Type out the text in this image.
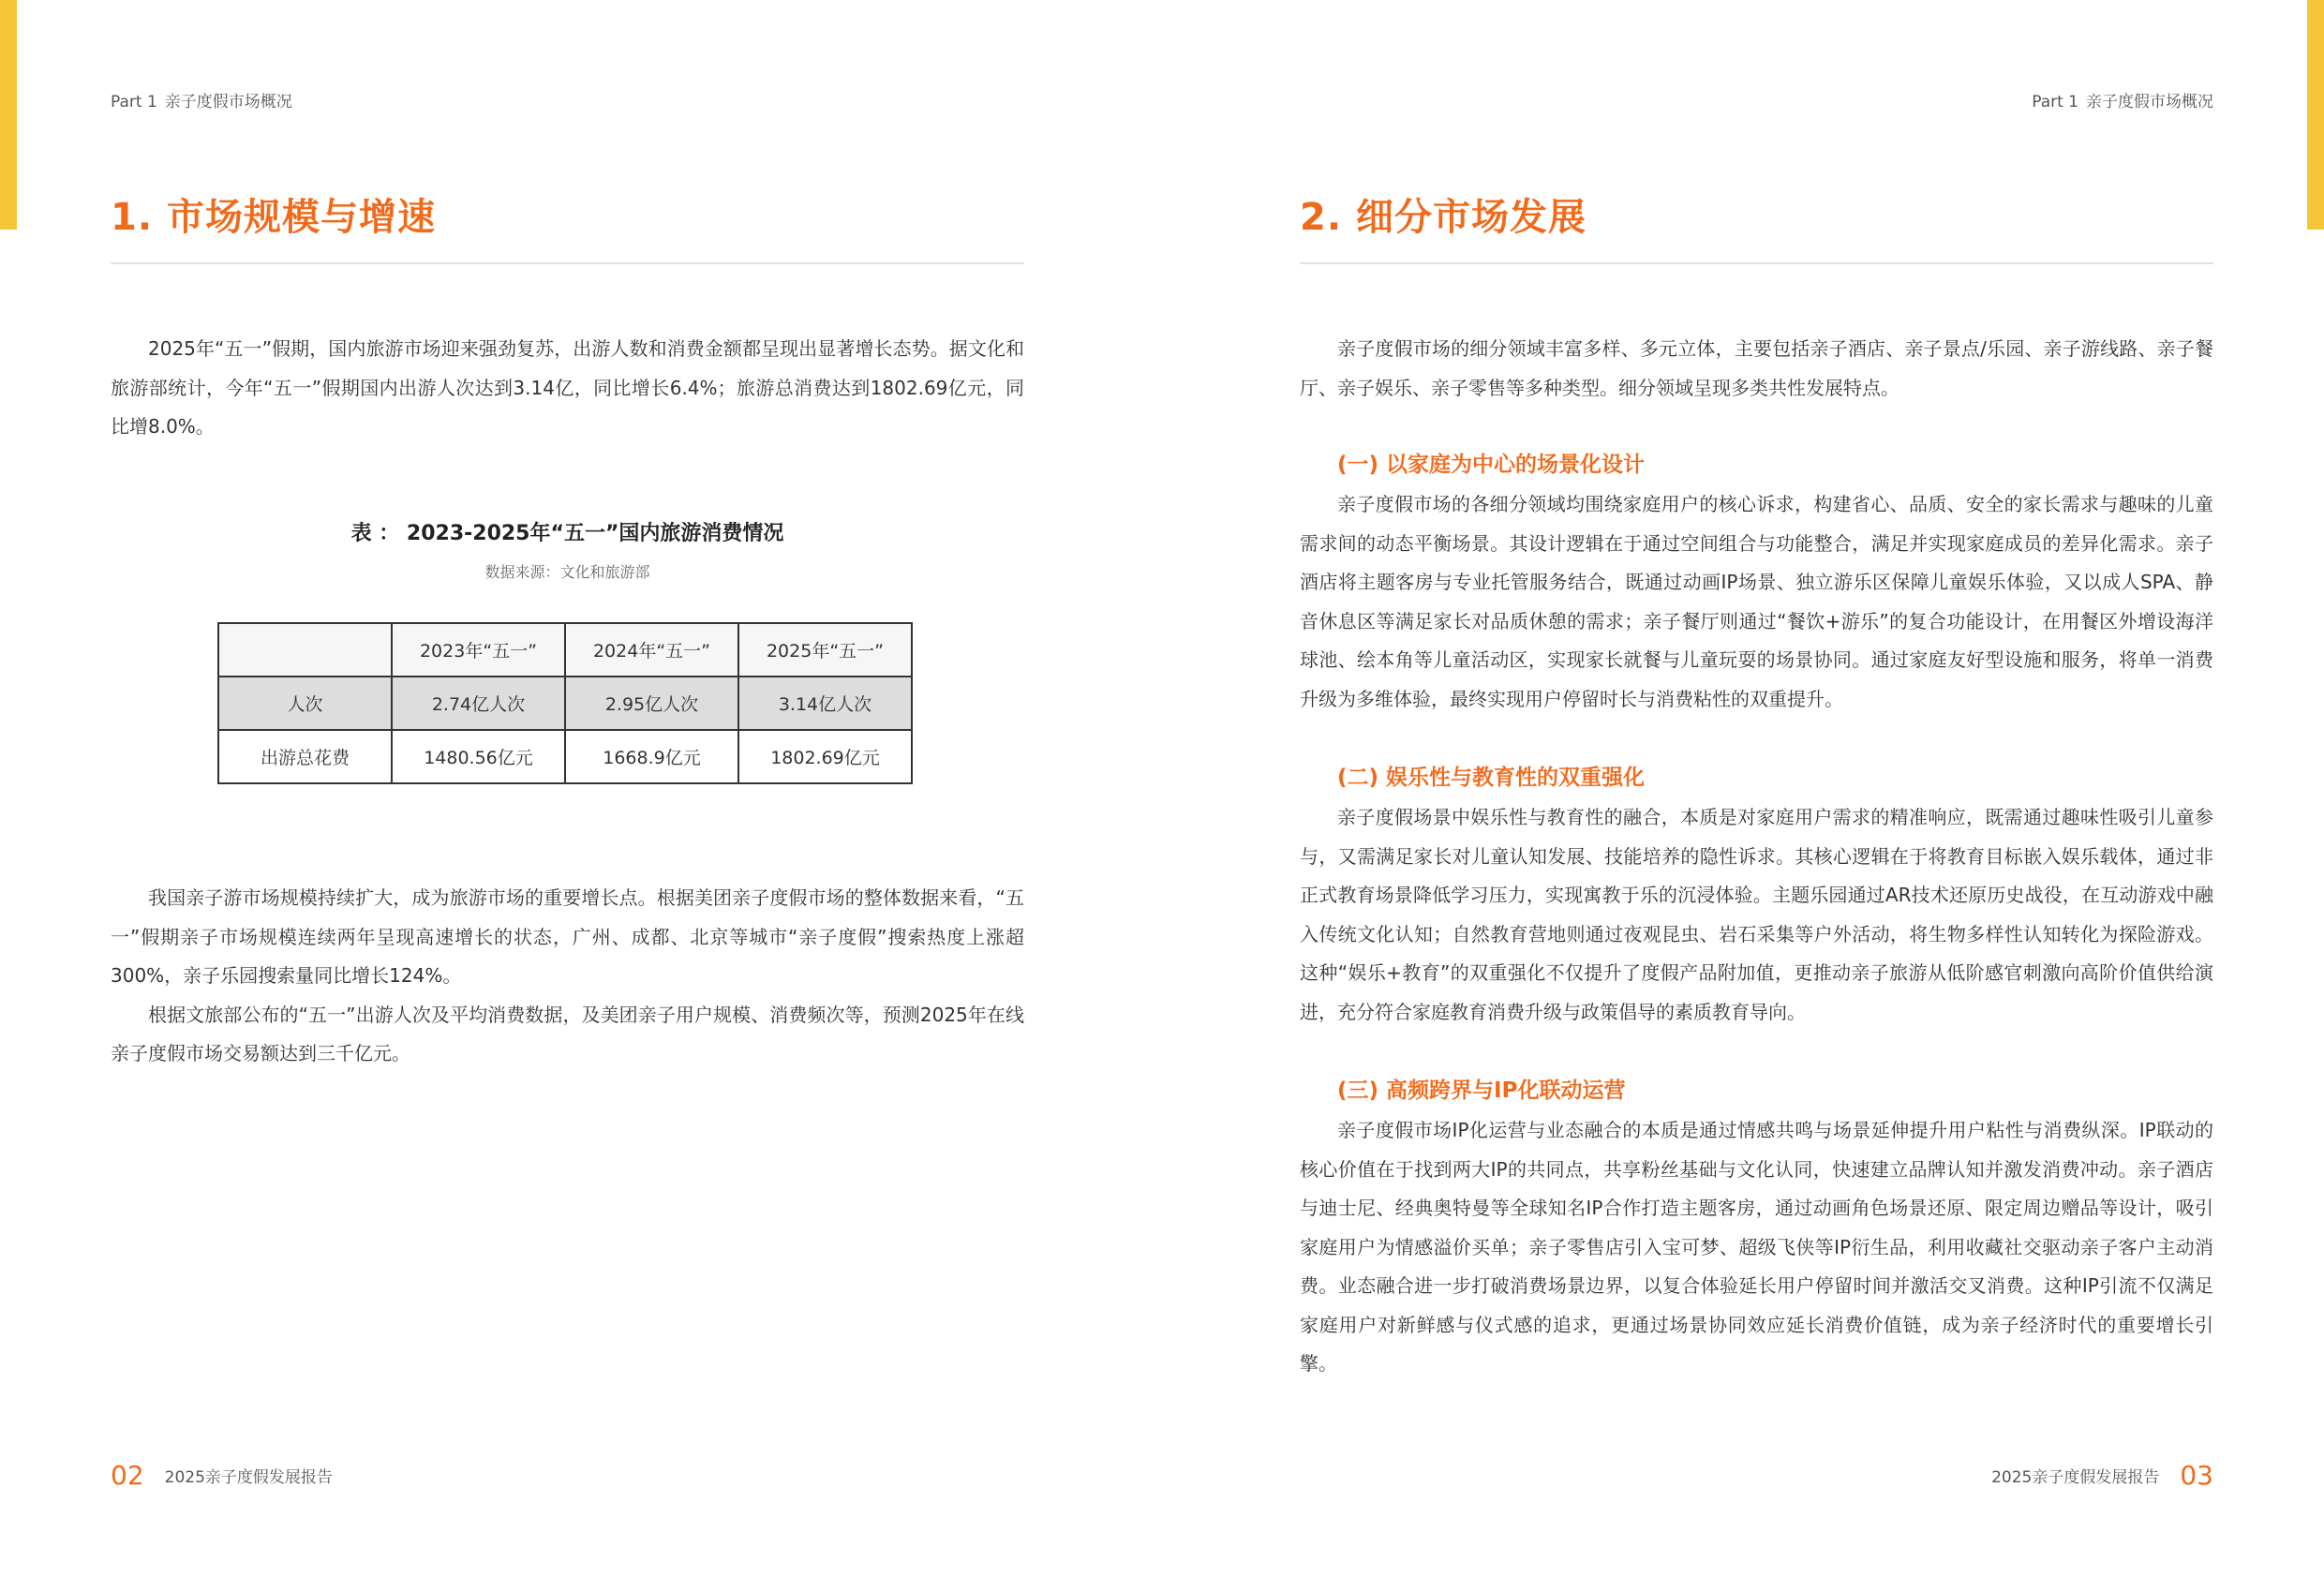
Part 1 亲子度假市场概况
1. 市场规模与增速

2025年“五一”假期，国内旅游市场迎来强劲复苏，出游人数和消费金额都呈现出显著增长态势。据文化和旅游部统计，今年“五一”假期国内出游人次达到3.14亿，同比增长6.4%；旅游总消费达到1802.69亿元，同比增8.0%。

表 ： 2023-2025年“五一”国内旅游消费情况
数据来源：文化和旅游部
	2023年“五一”	2024年“五一”	2025年“五一”
人次	2.74亿人次	2.95亿人次	3.14亿人次
出游总花费	1480.56亿元	1668.9亿元	1802.69亿元

我国亲子游市场规模持续扩大，成为旅游市场的重要增长点。根据美团亲子度假市场的整体数据来看，“五一”假期亲子市场规模连续两年呈现高速增长的状态，广州、成都、北京等城市“亲子度假”搜索热度上涨超300%，亲子乐园搜索量同比增长124%。

根据文旅部公布的“五一”出游人次及平均消费数据，及美团亲子用户规模、消费频次等，预测2025年在线亲子度假市场交易额达到三千亿元。

02 2025亲子度假发展报告
Part 1 亲子度假市场概况
2. 细分市场发展

亲子度假市场的细分领域丰富多样、多元立体，主要包括亲子酒店、亲子景点/乐园、亲子游线路、亲子餐厅、亲子娱乐、亲子零售等多种类型。细分领域呈现多类共性发展特点。

(一) 以家庭为中心的场景化设计

亲子度假市场的各细分领域均围绕家庭用户的核心诉求，构建省心、品质、安全的家长需求与趣味的儿童需求间的动态平衡场景。其设计逻辑在于通过空间组合与功能整合，满足并实现家庭成员的差异化需求。亲子酒店将主题客房与专业托管服务结合，既通过动画IP场景、独立游乐区保障儿童娱乐体验，又以成人SPA、静音休息区等满足家长对品质休憩的需求；亲子餐厅则通过“餐饮+游乐”的复合功能设计，在用餐区外增设海洋球池、绘本角等儿童活动区，实现家长就餐与儿童玩耍的场景协同。通过家庭友好型设施和服务，将单一消费升级为多维体验，最终实现用户停留时长与消费粘性的双重提升。

(二) 娱乐性与教育性的双重强化

亲子度假场景中娱乐性与教育性的融合，本质是对家庭用户需求的精准响应，既需通过趣味性吸引儿童参与，又需满足家长对儿童认知发展、技能培养的隐性诉求。其核心逻辑在于将教育目标嵌入娱乐载体，通过非正式教育场景降低学习压力，实现寓教于乐的沉浸体验。主题乐园通过AR技术还原历史战役，在互动游戏中融入传统文化认知；自然教育营地则通过夜观昆虫、岩石采集等户外活动，将生物多样性认知转化为探险游戏。这种“娱乐+教育”的双重强化不仅提升了度假产品附加值，更推动亲子旅游从低阶感官刺激向高阶价值供给演进，充分符合家庭教育消费升级与政策倡导的素质教育导向。

(三) 高频跨界与IP化联动运营

亲子度假市场IP化运营与业态融合的本质是通过情感共鸣与场景延伸提升用户粘性与消费纵深。IP联动的核心价值在于找到两大IP的共同点，共享粉丝基础与文化认同，快速建立品牌认知并激发消费冲动。亲子酒店与迪士尼、经典奥特曼等全球知名IP合作打造主题客房，通过动画角色场景还原、限定周边赠品等设计，吸引家庭用户为情感溢价买单；亲子零售店引入宝可梦、超级飞侠等IP衍生品，利用收藏社交驱动亲子客户主动消费。业态融合进一步打破消费场景边界，以复合体验延长用户停留时间并激活交叉消费。这种IP引流不仅满足家庭用户对新鲜感与仪式感的追求，更通过场景协同效应延长消费价值链，成为亲子经济时代的重要增长引擎。

2025亲子度假发展报告 03
